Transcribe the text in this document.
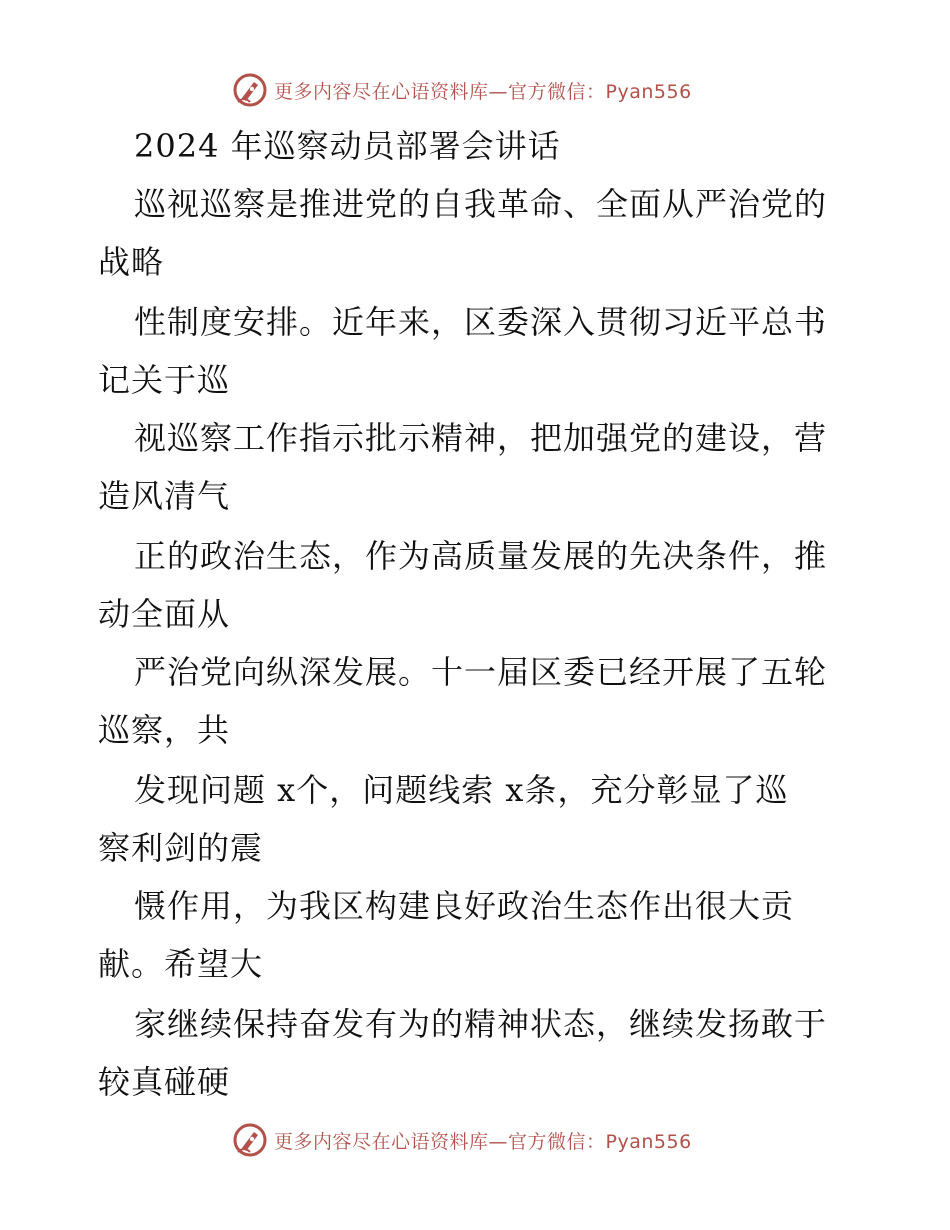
更多内容尽在心语资料库—官方微信：Pyan556
2024 年巡察动员部署会讲话
巡视巡察是推进党的自我革命、全面从严治党的
战略
性制度安排。近年来，区委深入贯彻习近平总书
记关于巡
视巡察工作指示批示精神，把加强党的建设，营
造风清气
正的政治生态，作为高质量发展的先决条件，推
动全面从
严治党向纵深发展。十一届区委已经开展了五轮
巡察，共
发现问题 x个，问题线索 x条，充分彰显了巡
察利剑的震
慑作用，为我区构建良好政治生态作出很大贡
献。希望大
家继续保持奋发有为的精神状态，继续发扬敢于
较真碰硬
更多内容尽在心语资料库—官方微信：Pyan556
